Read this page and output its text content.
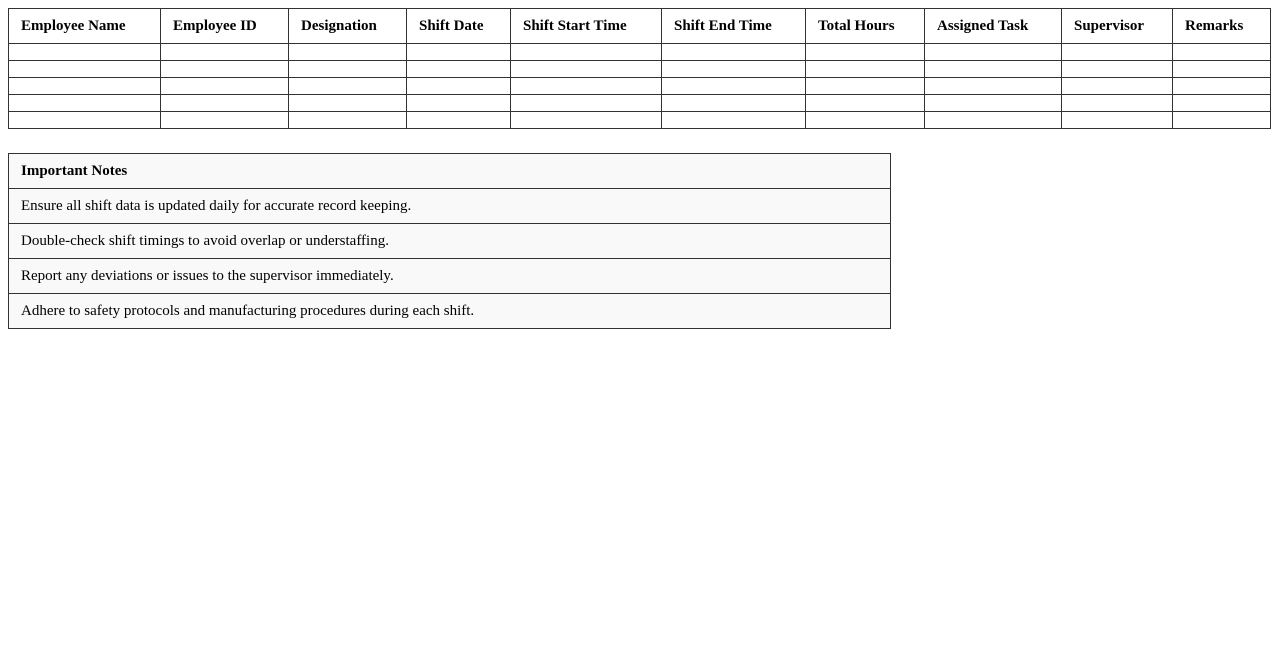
Employee Name	Employee ID	Designation	Shift Date	Shift Start Time	Shift End Time	Total Hours	Assigned Task	Supervisor	Remarks

Important Notes
Ensure all shift data is updated daily for accurate record keeping.
Double-check shift timings to avoid overlap or understaffing.
Report any deviations or issues to the supervisor immediately.
Adhere to safety protocols and manufacturing procedures during each shift.
